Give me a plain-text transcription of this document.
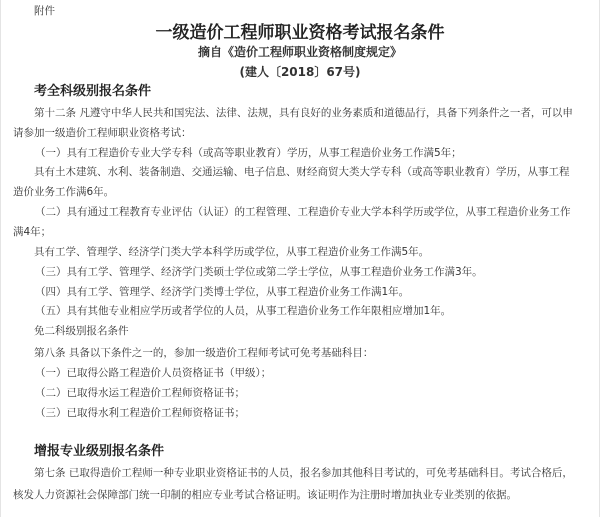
附件
一级造价工程师职业资格考试报名条件
摘自《造价工程师职业资格制度规定》
(建人〔2018〕67号)
考全科级别报名条件
第十二条 凡遵守中华人民共和国宪法、法律、法规，具有良好的业务素质和道德品行，具备下列条件之一者，可以申
请参加一级造价工程师职业资格考试：
（一）具有工程造价专业大学专科（或高等职业教育）学历，从事工程造价业务工作满5年；
具有土木建筑、水利、装备制造、交通运输、电子信息、财经商贸大类大学专科（或高等职业教育）学历，从事工程
造价业务工作满6年。
（二）具有通过工程教育专业评估（认证）的工程管理、工程造价专业大学本科学历或学位，从事工程造价业务工作
满4年；
具有工学、管理学、经济学门类大学本科学历或学位，从事工程造价业务工作满5年。
（三）具有工学、管理学、经济学门类硕士学位或第二学士学位，从事工程造价业务工作满3年。
（四）具有工学、管理学、经济学门类博士学位，从事工程造价业务工作满1年。
（五）具有其他专业相应学历或者学位的人员，从事工程造价业务工作年限相应增加1年。
免二科级别报名条件
第八条 具备以下条件之一的，参加一级造价工程师考试可免考基础科目：
（一）已取得公路工程造价人员资格证书（甲级）；
（二）已取得水运工程造价工程师资格证书；
（三）已取得水利工程造价工程师资格证书；
增报专业级别报名条件
第七条 已取得造价工程师一种专业职业资格证书的人员，报名参加其他科目考试的，可免考基础科目。考试合格后，
核发人力资源社会保障部门统一印制的相应专业考试合格证明。该证明作为注册时增加执业专业类别的依据。
